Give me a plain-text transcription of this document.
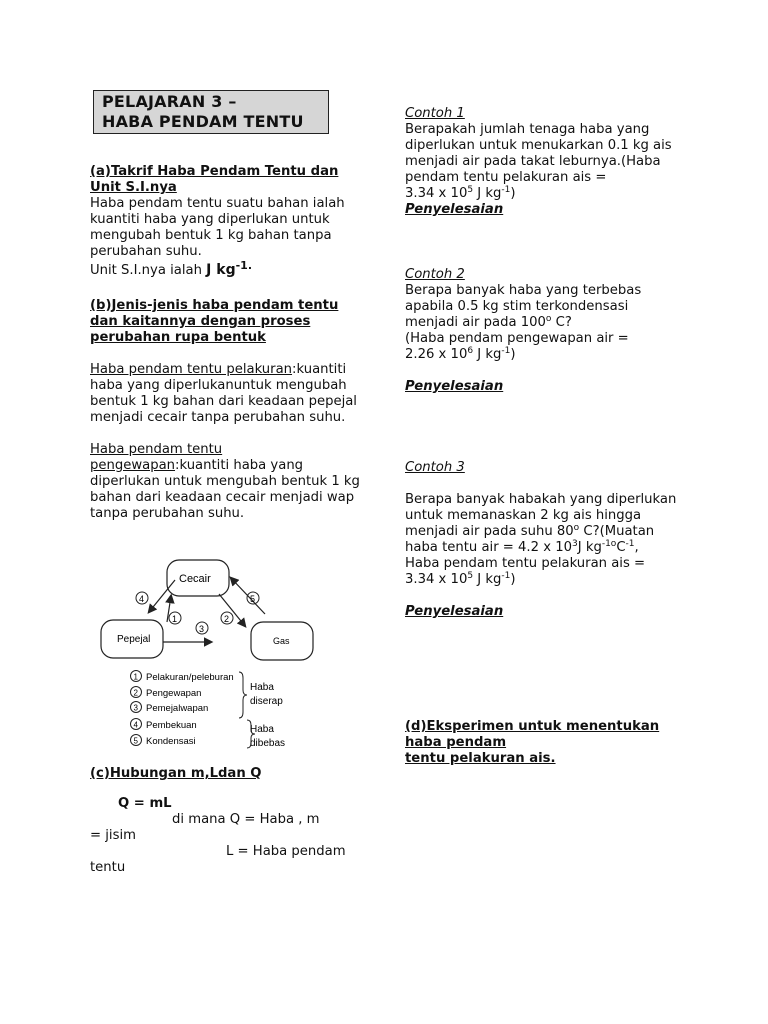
PELAJARAN 3 –
HABA PENDAM TENTU

(a)Takrif Haba Pendam Tentu dan Unit S.I.nya

Haba pendam tentu suatu bahan ialah kuantiti haba yang diperlukan untuk mengubah bentuk 1 kg bahan tanpa perubahan suhu.

Unit S.I.nya ialah J $kg^{-1.}$

(b)Jenis-jenis haba pendam tentu dan kaitannya dengan proses perubahan rupa bentuk

Haba pendam tentu pelakuran:kuantiti haba yang diperlukanuntuk mengubah bentuk 1 kg bahan dari keadaan pepejal menjadi cecair tanpa perubahan suhu.

Haba pendam tentu
pengewapan:kuantiti haba yang diperlukan untuk mengubah bentuk 1 kg bahan dari keadaan cecair menjadi wap tanpa perubahan suhu.

Cecair
Pepejal	Gas
4
1
3
2
5
1 Pelakuran/peleburan
2 Pengewapan
3 Pemejalwapan
4 Pembekuan
5 Kondensasi
Haba
diserap
Haba
dibebas

(c)Hubungan m,Ldan Q

Q = mL

di mana Q = Haba , m

= jisim

L = Haba pendam

tentu

Contoh 1

Berapakah jumlah tenaga haba yang diperlukan untuk menukarkan 0.1 kg ais menjadi air pada takat leburnya.(Haba pendam tentu pelakuran ais =

3.34 x $10^5$ J $kg^{-1}$)

Penyelesaian

Contoh 2

Berapa banyak haba yang terbebas apabila 0.5 kg stim terkondensasi menjadi air pada 100$^o$ C?

(Haba pendam pengewapan air =

2.26 x $10^6$ J $kg^{-1}$)

Penyelesaian

Contoh 3

Berapa banyak habakah yang diperlukan untuk memanaskan 2 kg ais hingga menjadi air pada suhu 80$^o$ C?(Muatan haba tentu air = 4.2 x $10^3J$ $kg^{-1o}C^{-1}$,

Haba pendam tentu pelakuran ais =

3.34 x $10^5$ J $kg^{-1}$)

Penyelesaian

(d)Eksperimen untuk menentukan

haba pendam

tentu pelakuran ais.
